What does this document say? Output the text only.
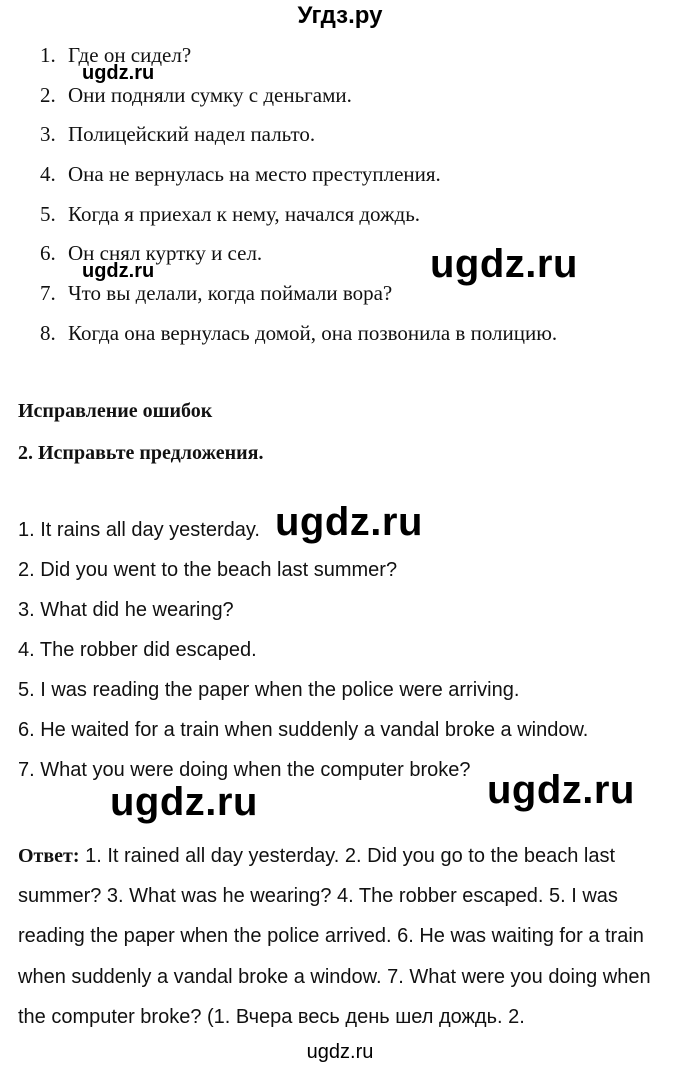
Угдз.ру
1. Где он сидел?
2. Они подняли сумку с деньгами.
3. Полицейский надел пальто.
4. Она не вернулась на место преступления.
5. Когда я приехал к нему, начался дождь.
6. Он снял куртку и сел.
7. Что вы делали, когда поймали вора?
8. Когда она вернулась домой, она позвонила в полицию.
Исправление ошибок
2. Исправьте предложения.
1. It rains all day yesterday.
2. Did you went to the beach last summer?
3. What did he wearing?
4. The robber did escaped.
5. I was reading the paper when the police were arriving.
6. He waited for a train when suddenly a vandal broke a window.
7. What you were doing when the computer broke?
Ответ: 1. It rained all day yesterday. 2. Did you go to the beach last summer? 3. What was he wearing? 4. The robber escaped. 5. I was reading the paper when the police arrived. 6. He was waiting for a train when suddenly a vandal broke a window. 7. What were you doing when the computer broke? (1. Вчера весь день шел дождь. 2.
ugdz.ru
ugdz.ru	ugdz.ru
ugdz.ru
ugdz.ru	ugdz.ru
ugdz.ru
